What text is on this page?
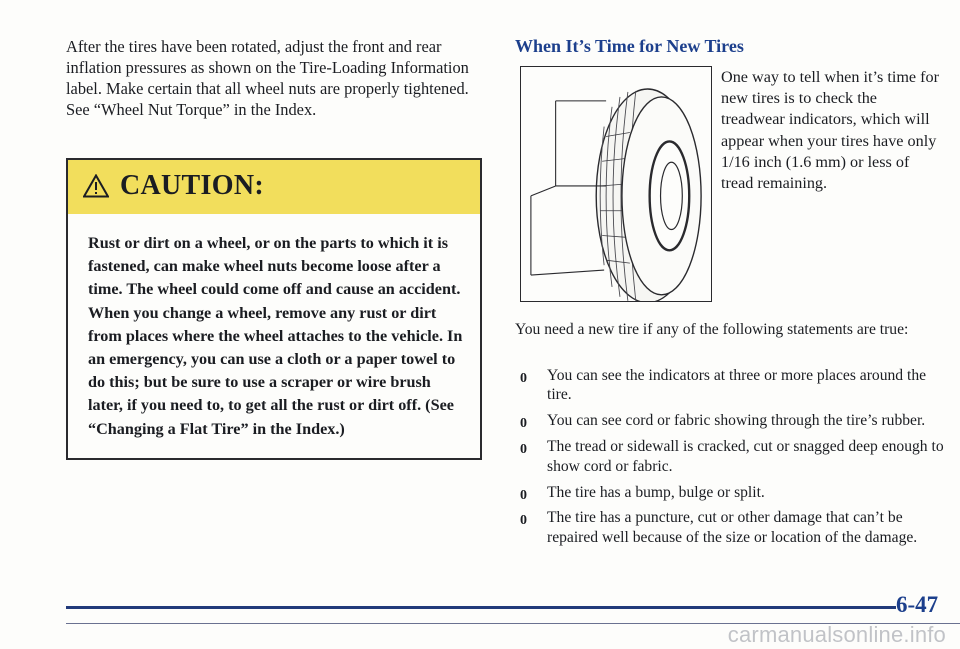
After the tires have been rotated, adjust the front and rear inflation pressures as shown on the Tire-Loading Information label. Make certain that all wheel nuts are properly tightened. See “Wheel Nut Torque” in the Index.

CAUTION:

Rust or dirt on a wheel, or on the parts to which it is fastened, can make wheel nuts become loose after a time. The wheel could come off and cause an accident. When you change a wheel, remove any rust or dirt from places where the wheel attaches to the vehicle. In an emergency, you can use a cloth or a paper towel to do this; but be sure to use a scraper or wire brush later, if you need to, to get all the rust or dirt off. (See “Changing a Flat Tire” in the Index.)

When It’s Time for New Tires

One way to tell when it’s time for new tires is to check the treadwear indicators, which will appear when your tires have only 1/16 inch (1.6 mm) or less of tread remaining.

You need a new tire if any of the following statements are true:

0 You can see the indicators at three or more places around the tire.
0 You can see cord or fabric showing through the tire’s rubber.
0 The tread or sidewall is cracked, cut or snagged deep enough to show cord or fabric.
0 The tire has a bump, bulge or split.
0 The tire has a puncture, cut or other damage that can’t be repaired well because of the size or location of the damage.
6-47
carmanualsonline.info
